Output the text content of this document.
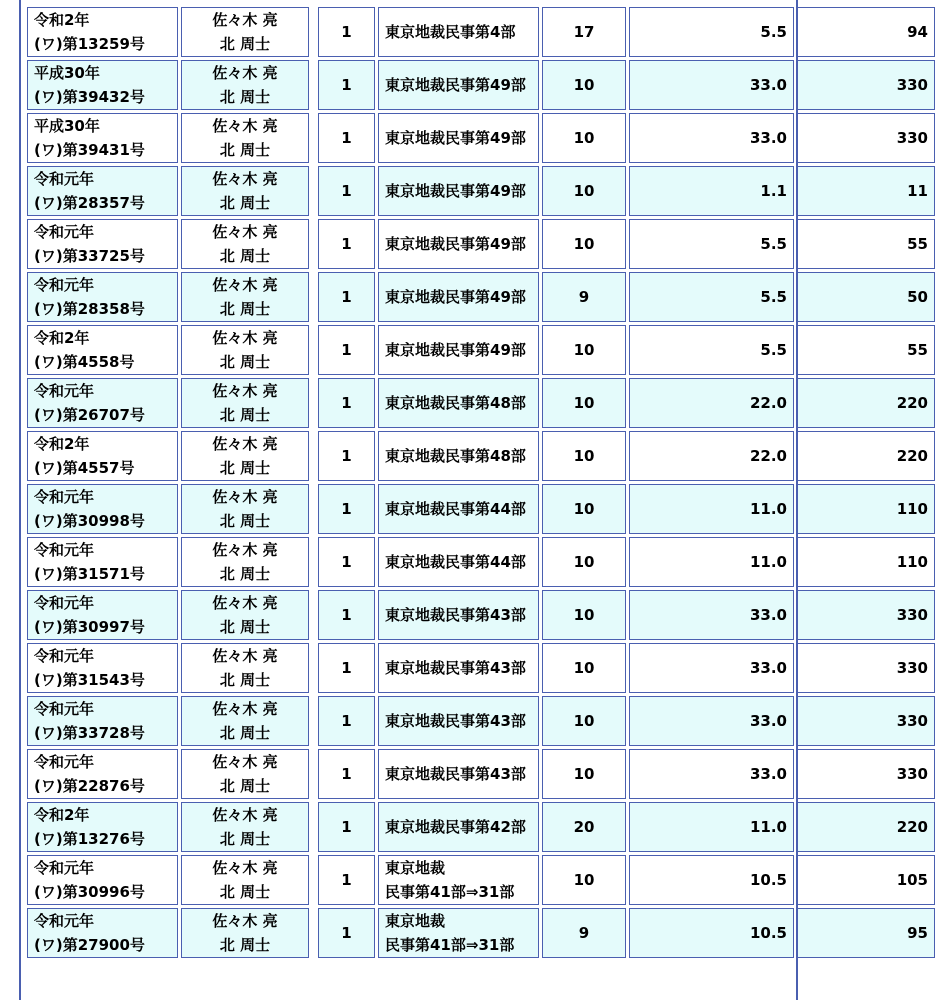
令和2年
(ワ)第13259号	佐々木 亮
北 周士		1	東京地裁民事第4部	17	5.5	94

平成30年
(ワ)第39432号	佐々木 亮
北 周士		1	東京地裁民事第49部	10	33.0	330

平成30年
(ワ)第39431号	佐々木 亮
北 周士		1	東京地裁民事第49部	10	33.0	330

令和元年
(ワ)第28357号	佐々木 亮
北 周士		1	東京地裁民事第49部	10	1.1	11

令和元年
(ワ)第33725号	佐々木 亮
北 周士		1	東京地裁民事第49部	10	5.5	55

令和元年
(ワ)第28358号	佐々木 亮
北 周士		1	東京地裁民事第49部	9	5.5	50

令和2年
(ワ)第4558号	佐々木 亮
北 周士		1	東京地裁民事第49部	10	5.5	55

令和元年
(ワ)第26707号	佐々木 亮
北 周士		1	東京地裁民事第48部	10	22.0	220

令和2年
(ワ)第4557号	佐々木 亮
北 周士		1	東京地裁民事第48部	10	22.0	220

令和元年
(ワ)第30998号	佐々木 亮
北 周士		1	東京地裁民事第44部	10	11.0	110

令和元年
(ワ)第31571号	佐々木 亮
北 周士		1	東京地裁民事第44部	10	11.0	110

令和元年
(ワ)第30997号	佐々木 亮
北 周士		1	東京地裁民事第43部	10	33.0	330

令和元年
(ワ)第31543号	佐々木 亮
北 周士		1	東京地裁民事第43部	10	33.0	330

令和元年
(ワ)第33728号	佐々木 亮
北 周士		1	東京地裁民事第43部	10	33.0	330

令和元年
(ワ)第22876号	佐々木 亮
北 周士		1	東京地裁民事第43部	10	33.0	330

令和2年
(ワ)第13276号	佐々木 亮
北 周士		1	東京地裁民事第42部	20	11.0	220

令和元年
(ワ)第30996号	佐々木 亮
北 周士		1	東京地裁
民事第41部⇒31部	10	10.5	105

令和元年
(ワ)第27900号	佐々木 亮
北 周士		1	東京地裁
民事第41部⇒31部	9	10.5	95
